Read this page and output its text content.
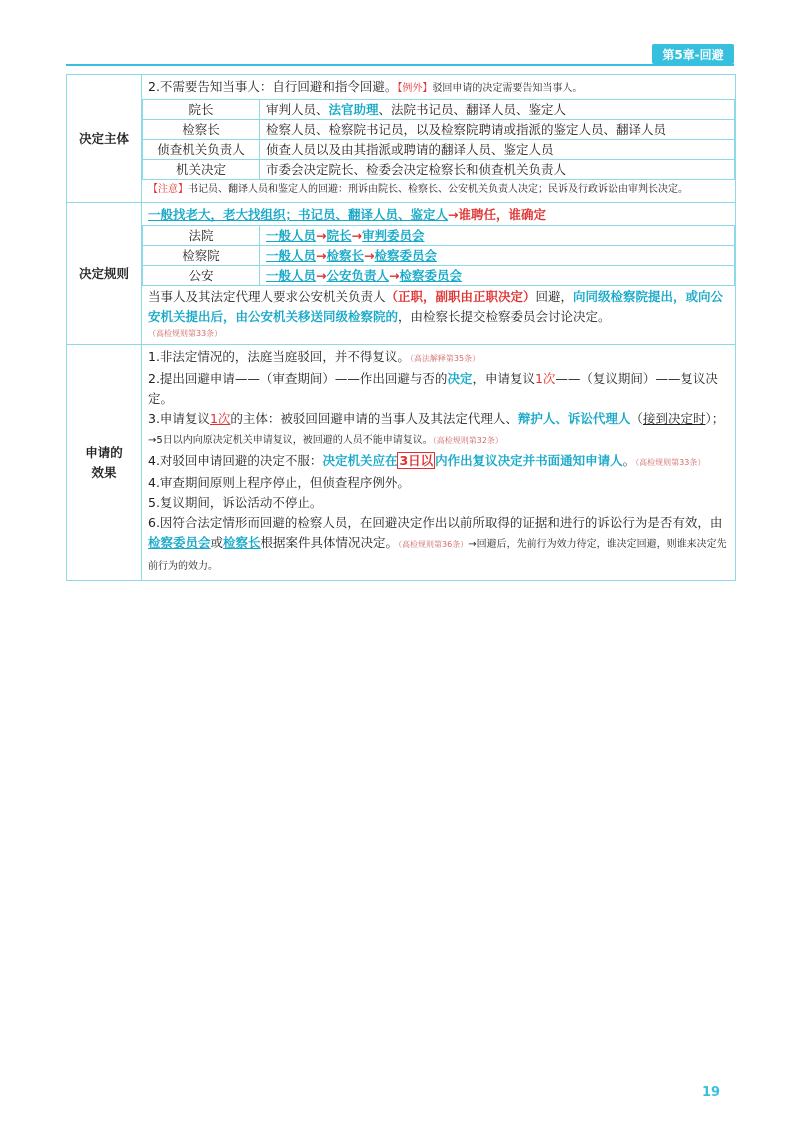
第5章-回避
决定主体	

2.不需要告知当事人：自行回避和指令回避。【例外】驳回申请的决定需要告知当事人。

院长	审判人员、法官助理、法院书记员、翻译人员、鉴定人
检察长	检察人员、检察院书记员，以及检察院聘请或指派的鉴定人员、翻译人员
侦查机关负责人	侦查人员以及由其指派或聘请的翻译人员、鉴定人员
机关决定	市委会决定院长、检委会决定检察长和侦查机关负责人

【注意】书记员、翻译人员和鉴定人的回避：刑诉由院长、检察长、公安机关负责人决定；民诉及行政诉讼由审判长决定。

决定规则	

一般找老大，老大找组织；书记员、翻译人员、鉴定人→谁聘任，谁确定

法院	一般人员→院长→审判委员会
检察院	一般人员→检察长→检察委员会
公安	一般人员→公安负责人→检察委员会

当事人及其法定代理人要求公安机关负责人（正职，副职由正职决定）回避，向同级检察院提出，或向公安机关提出后，由公安机关移送同级检察院的，由检察长提交检察委员会讨论决定。

（高检规则第33条）

申请的
效果	

1.非法定情况的，法庭当庭驳回，并不得复议。（高法解释第35条）

2.提出回避申请——（审查期间）——作出回避与否的决定，申请复议1次——（复议期间）——复议决定。

3.申请复议1次的主体：被驳回回避申请的当事人及其法定代理人、辩护人、诉讼代理人（接到决定时）；→5日以内向原决定机关申请复议，被回避的人员不能申请复议。（高检规则第32条）

4.对驳回申请回避的决定不服：决定机关应在 3日以 内作出复议决定并书面通知申请人。（高检规则第33条）

4.审查期间原则上程序停止，但侦查程序例外。

5.复议期间，诉讼活动不停止。

6.因符合法定情形而回避的检察人员，在回避决定作出以前所取得的证据和进行的诉讼行为是否有效，由检察委员会或检察长根据案件具体情况决定。（高检规则第36条）→回避后，先前行为效力待定，谁决定回避，则谁来决定先前行为的效力。

19
